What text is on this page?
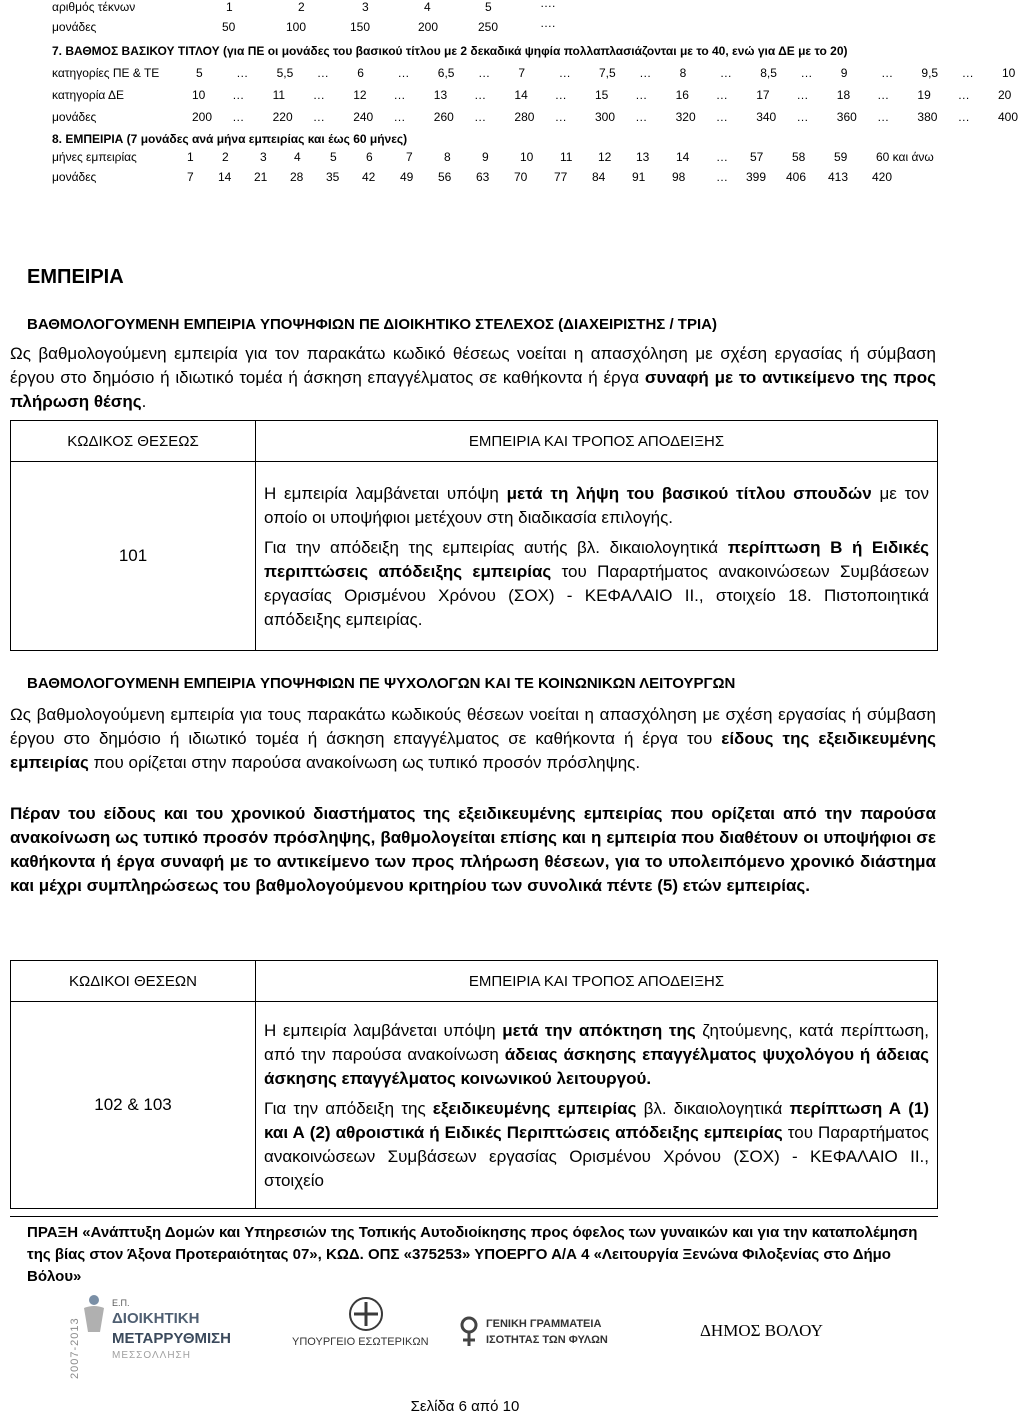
αριθμός τέκνων	1	2	3	4	5	….
μονάδες	50	100	150	200	250	….
7. ΒΑΘΜΟΣ ΒΑΣΙΚΟΥ ΤΙΤΛΟΥ (για ΠΕ οι μονάδες του βασικού τίτλου με 2 δεκαδικά ψηφία πολλαπλασιάζονται με το 40, ενώ για ΔΕ με το 20)
κατηγορίες ΠΕ & ΤΕ	5	… 5,5 … 6	… 6,5 … 7	… 7,5 … 8	… 8,5 … 9	… 9,5 … 10
κατηγορία ΔΕ	10 … 11 … 12 … 13 … 14 … 15 … 16 … 17 … 18 … 19 … 20
μονάδες	200 … 220 … 240 … 260 … 280 … 300 … 320 … 340 … 360 … 380 … 400
8. ΕΜΠΕΙΡΙΑ (7 μονάδες ανά μήνα εμπειρίας και έως 60 μήνες)
μήνες εμπειρίας	1 2	3 4 5 6	7	8	9	10 11 12 13 14 … 57 58 59 60 και άνω
μονάδες	7 14 21 28 35 42 49 56 63 70 77 84 91 98	… 399 406 413 420
ΕΜΠΕΙΡΙΑ
ΒΑΘΜΟΛΟΓΟΥΜΕΝΗ ΕΜΠΕΙΡΙΑ ΥΠΟΨΗΦΙΩΝ ΠΕ ΔΙΟΙΚΗΤΙΚΟ ΣΤΕΛΕΧΟΣ (ΔΙΑΧΕΙΡΙΣΤΗΣ / ΤΡΙΑ)
Ως βαθμολογούμενη εμπειρία για τον παρακάτω κωδικό θέσεως νοείται η απασχόληση με σχέση εργασίας ή σύμβαση έργου στο δημόσιο ή ιδιωτικό τομέα ή άσκηση επαγγέλματος σε καθήκοντα ή έργα συναφή με το αντικείμενο της προς πλήρωση θέσης.
ΚΩΔΙΚΟΣ ΘΕΣΕΩΣ	ΕΜΠΕΙΡΙΑ ΚΑΙ ΤΡΟΠΟΣ ΑΠΟΔΕΙΞΗΣ
101	Η εμπειρία λαμβάνεται υπόψη μετά τη λήψη του βασικού τίτλου σπουδών με τον οποίο οι υποψήφιοι μετέχουν στη διαδικασία επιλογής.
Για την απόδειξη της εμπειρίας αυτής βλ. δικαιολογητικά περίπτωση Β ή Ειδικές περιπτώσεις απόδειξης εμπειρίας του Παραρτήματος ανακοινώσεων Συμβάσεων εργασίας Ορισμένου Χρόνου (ΣΟΧ) - ΚΕΦΑΛΑΙΟ ΙΙ., στοιχείο 18. Πιστοποιητικά απόδειξης εμπειρίας.
ΒΑΘΜΟΛΟΓΟΥΜΕΝΗ ΕΜΠΕΙΡΙΑ ΥΠΟΨΗΦΙΩΝ ΠΕ ΨΥΧΟΛΟΓΩΝ ΚΑΙ ΤΕ ΚΟΙΝΩΝΙΚΩΝ ΛΕΙΤΟΥΡΓΩΝ
Ως βαθμολογούμενη εμπειρία για τους παρακάτω κωδικούς θέσεων νοείται η απασχόληση με σχέση εργασίας ή σύμβαση έργου στο δημόσιο ή ιδιωτικό τομέα ή άσκηση επαγγέλματος σε καθήκοντα ή έργα του είδους της εξειδικευμένης εμπειρίας που ορίζεται στην παρούσα ανακοίνωση ως τυπικό προσόν πρόσληψης.
Πέραν του είδους και του χρονικού διαστήματος της εξειδικευμένης εμπειρίας που ορίζεται από την παρούσα ανακοίνωση ως τυπικό προσόν πρόσληψης, βαθμολογείται επίσης και η εμπειρία που διαθέτουν οι υποψήφιοι σε καθήκοντα ή έργα συναφή με το αντικείμενο των προς πλήρωση θέσεων, για το υπολειπόμενο χρονικό διάστημα και μέχρι συμπληρώσεως του βαθμολογούμενου κριτηρίου των συνολικά πέντε (5) ετών εμπειρίας.
ΚΩΔΙΚΟΙ ΘΕΣΕΩΝ	ΕΜΠΕΙΡΙΑ ΚΑΙ ΤΡΟΠΟΣ ΑΠΟΔΕΙΞΗΣ
102 & 103	Η εμπειρία λαμβάνεται υπόψη μετά την απόκτηση της ζητούμενης, κατά περίπτωση, από την παρούσα ανακοίνωση άδειας άσκησης επαγγέλματος ψυχολόγου ή άδειας άσκησης επαγγέλματος κοινωνικού λειτουργού.
Για την απόδειξη της εξειδικευμένης εμπειρίας βλ. δικαιολογητικά περίπτωση Α (1) και Α (2) αθροιστικά ή Ειδικές Περιπτώσεις απόδειξης εμπειρίας του Παραρτήματος ανακοινώσεων Συμβάσεων εργασίας Ορισμένου Χρόνου (ΣΟΧ) - ΚΕΦΑΛΑΙΟ ΙΙ., στοιχείο
ΠΡΑΞΗ «Ανάπτυξη Δομών και Υπηρεσιών της Τοπικής Αυτοδιοίκησης προς όφελος των γυναικών και για την καταπολέμηση της βίας στον Άξονα Προτεραιότητας 07», ΚΩΔ. ΟΠΣ «375253» ΥΠΟΕΡΓΟ Α/Α 4 «Λειτουργία Ξενώνα Φιλοξενίας στο Δήμο Βόλου»
2007-2013
Ε.Π.
ΔΙΟΙΚΗΤΙΚΗ
ΜΕΤΑΡΡΥΘΜΙΣΗ
ΜΕΣΣΟΛΛΗΣΗ
ΥΠΟΥΡΓΕΙΟ ΕΣΩΤΕΡΙΚΩΝ
ΓΕΝΙΚΗ ΓΡΑΜΜΑΤΕΙΑ
ΙΣΟΤΗΤΑΣ ΤΩΝ ΦΥΛΩΝ	ΔΗΜΟΣ ΒΟΛΟΥ
Σελίδα 6 από 10
